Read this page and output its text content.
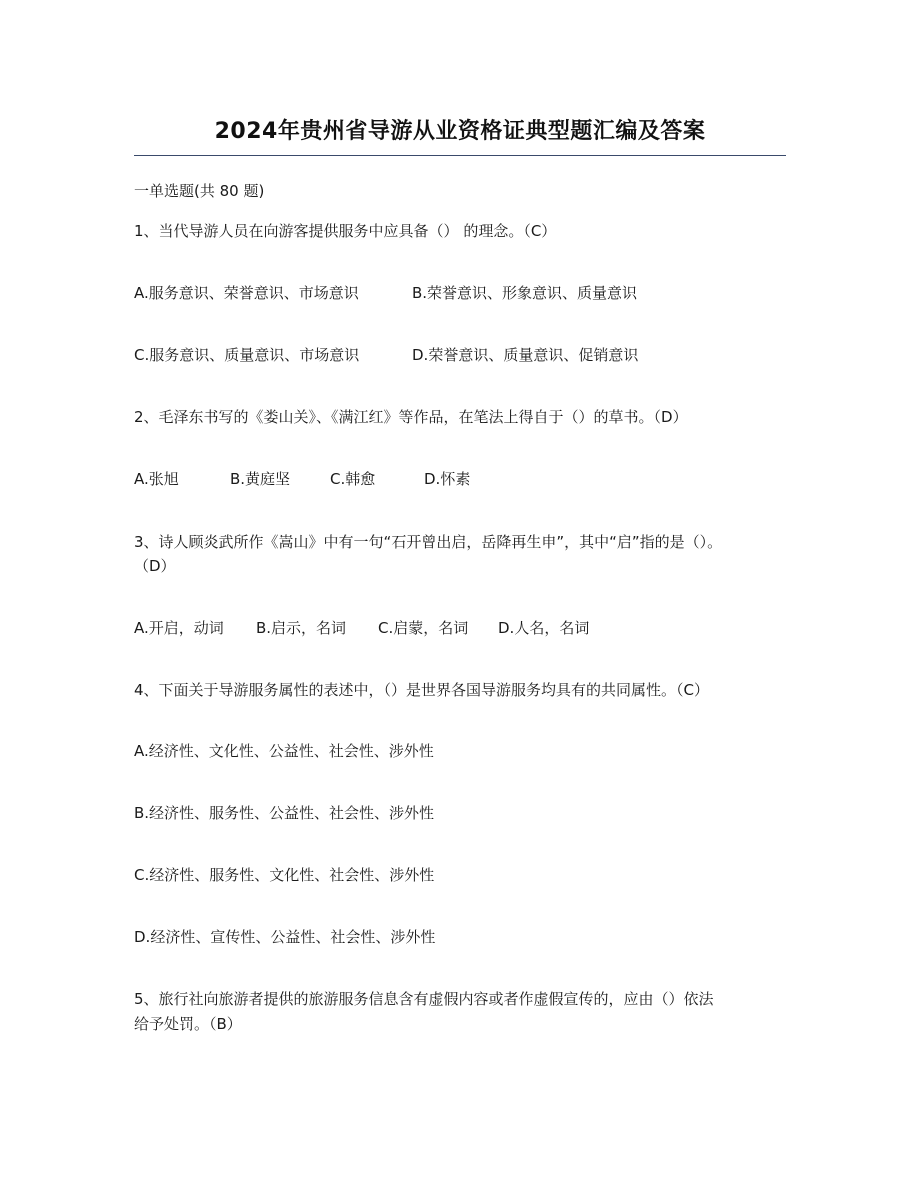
2024年贵州省导游从业资格证典型题汇编及答案
一单选题(共 80 题)
1、当代导游人员在向游客提供服务中应具备（） 的理念。（C）
A.服务意识、荣誉意识、市场意识	B.荣誉意识、形象意识、质量意识
C.服务意识、质量意识、市场意识	D.荣誉意识、质量意识、促销意识
2、毛泽东书写的《娄山关》、《满江红》等作品，在笔法上得自于（）的草书。（D）
A.张旭	B.黄庭坚	C.韩愈	D.怀素
3、诗人顾炎武所作《嵩山》中有一句“石开曾出启，岳降再生申”，其中“启”指的是（）。
（D）
A.开启，动词 B.启示，名词 C.启蒙，名词 D.人名，名词
4、下面关于导游服务属性的表述中，（）是世界各国导游服务均具有的共同属性。（C）
A.经济性、文化性、公益性、社会性、涉外性
B.经济性、服务性、公益性、社会性、涉外性
C.经济性、服务性、文化性、社会性、涉外性
D.经济性、宣传性、公益性、社会性、涉外性
5、旅行社向旅游者提供的旅游服务信息含有虚假内容或者作虚假宣传的，应由（）依法
给予处罚。（B）
